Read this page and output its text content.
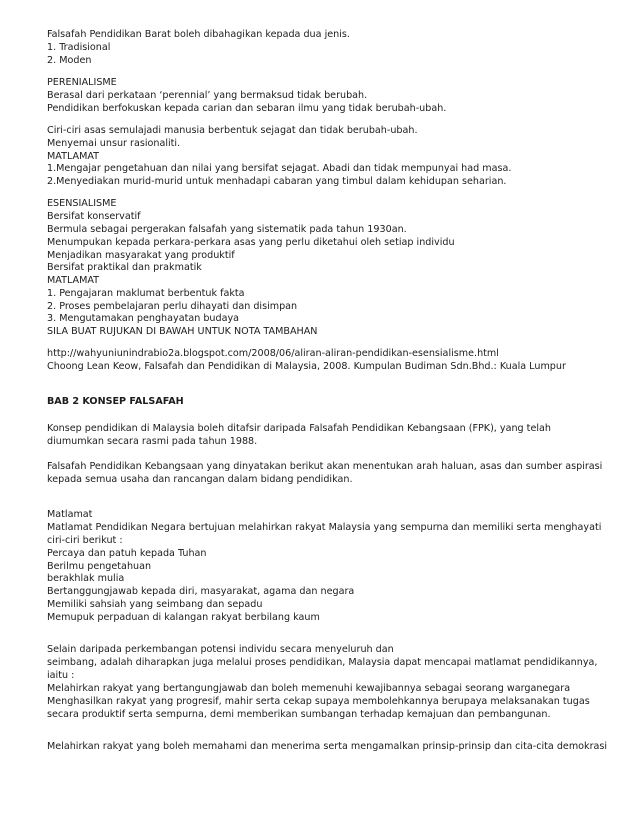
Falsafah Pendidikan Barat boleh dibahagikan kepada dua jenis.
1. Tradisional
2. Moden
PERENIALISME
Berasal dari perkataan ‘perennial’ yang bermaksud tidak berubah.
Pendidikan berfokuskan kepada carian dan sebaran ilmu yang tidak berubah-ubah.
Ciri-ciri asas semulajadi manusia berbentuk sejagat dan tidak berubah-ubah.
Menyemai unsur rasionaliti.
MATLAMAT
1.Mengajar pengetahuan dan nilai yang bersifat sejagat. Abadi dan tidak mempunyai had masa.
2.Menyediakan murid-murid untuk menhadapi cabaran yang timbul dalam kehidupan seharian.
ESENSIALISME
Bersifat konservatif
Bermula sebagai pergerakan falsafah yang sistematik pada tahun 1930an.
Menumpukan kepada perkara-perkara asas yang perlu diketahui oleh setiap individu
Menjadikan masyarakat yang produktif
Bersifat praktikal dan prakmatik
MATLAMAT
1. Pengajaran maklumat berbentuk fakta
2. Proses pembelajaran perlu dihayati dan disimpan
3. Mengutamakan penghayatan budaya
SILA BUAT RUJUKAN DI BAWAH UNTUK NOTA TAMBAHAN
http://wahyuniunindrabio2a.blogspot.com/2008/06/aliran-aliran-pendidikan-esensialisme.html
Choong Lean Keow, Falsafah dan Pendidikan di Malaysia, 2008. Kumpulan Budiman Sdn.Bhd.: Kuala Lumpur
BAB 2 KONSEP FALSAFAH
Konsep pendidikan di Malaysia boleh ditafsir daripada Falsafah Pendidikan Kebangsaan (FPK), yang telah
diumumkan secara rasmi pada tahun 1988.
Falsafah Pendidikan Kebangsaan yang dinyatakan berikut akan menentukan arah haluan, asas dan sumber aspirasi
kepada semua usaha dan rancangan dalam bidang pendidikan.
Matlamat
Matlamat Pendidikan Negara bertujuan melahirkan rakyat Malaysia yang sempurna dan memiliki serta menghayati
ciri-ciri berikut :
Percaya dan patuh kepada Tuhan
Berilmu pengetahuan
berakhlak mulia
Bertanggungjawab kepada diri, masyarakat, agama dan negara
Memiliki sahsiah yang seimbang dan sepadu
Memupuk perpaduan di kalangan rakyat berbilang kaum
Selain daripada perkembangan potensi individu secara menyeluruh dan
seimbang, adalah diharapkan juga melalui proses pendidikan, Malaysia dapat mencapai matlamat pendidikannya,
iaitu :
Melahirkan rakyat yang bertangungjawab dan boleh memenuhi kewajibannya sebagai seorang warganegara
Menghasilkan rakyat yang progresif, mahir serta cekap supaya membolehkannya berupaya melaksanakan tugas
secara produktif serta sempurna, demi memberikan sumbangan terhadap kemajuan dan pembangunan.
Melahirkan rakyat yang boleh memahami dan menerima serta mengamalkan prinsip-prinsip dan cita-cita demokrasi
